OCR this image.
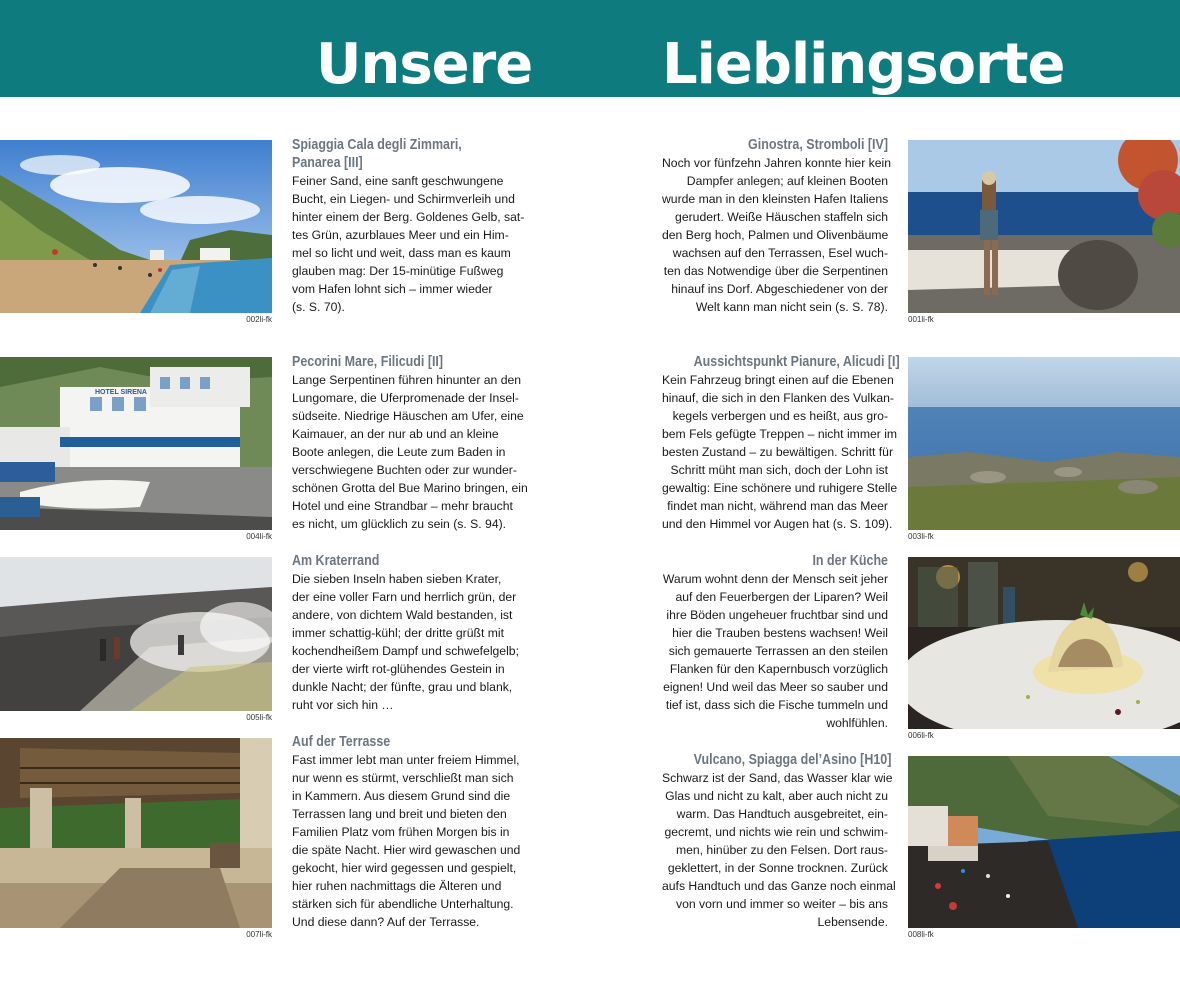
Unsere Lieblingsorte
002li-fk
HOTEL SIRENA
004li-fk
005li-fk
007li-fk
Spiaggia Cala degli Zimmari,
Panarea [III]

Feiner Sand, eine sanft geschwungene
Bucht, ein Liegen- und Schirmverleih und
hinter einem der Berg. Goldenes Gelb, sat-
tes Grün, azurblaues Meer und ein Him-
mel so licht und weit, dass man es kaum
glauben mag: Der 15-minütige Fußweg
vom Hafen lohnt sich – immer wieder
(s. S. 70).

Pecorini Mare, Filicudi [II]

Lange Serpentinen führen hinunter an den
Lungomare, die Uferpromenade der Insel-
südseite. Niedrige Häuschen am Ufer, eine
Kaimauer, an der nur ab und an kleine
Boote anlegen, die Leute zum Baden in
verschwiegene Buchten oder zur wunder-
schönen Grotta del Bue Marino bringen, ein
Hotel und eine Strandbar – mehr braucht
es nicht, um glücklich zu sein (s. S. 94).

Am Kraterrand

Die sieben Inseln haben sieben Krater,
der eine voller Farn und herrlich grün, der
andere, von dichtem Wald bestanden, ist
immer schattig-kühl; der dritte grüßt mit
kochendheißem Dampf und schwefelgelb;
der vierte wirft rot-glühendes Gestein in
dunkle Nacht; der fünfte, grau und blank,
ruht vor sich hin …

Auf der Terrasse

Fast immer lebt man unter freiem Himmel,
nur wenn es stürmt, verschließt man sich
in Kammern. Aus diesem Grund sind die
Terrassen lang und breit und bieten den
Familien Platz vom frühen Morgen bis in
die späte Nacht. Hier wird gewaschen und
gekocht, hier wird gegessen und gespielt,
hier ruhen nachmittags die Älteren und
stärken sich für abendliche Unterhaltung.
Und diese dann? Auf der Terrasse.

Ginostra, Stromboli [IV]

Noch vor fünfzehn Jahren konnte hier kein
Dampfer anlegen; auf kleinen Booten
wurde man in den kleinsten Hafen Italiens
gerudert. Weiße Häuschen staffeln sich
den Berg hoch, Palmen und Olivenbäume
wachsen auf den Terrassen, Esel wuch-
ten das Notwendige über die Serpentinen
hinauf ins Dorf. Abgeschiedener von der
Welt kann man nicht sein (s. S. 78).

Aussichtspunkt Pianure, Alicudi [I]

Kein Fahrzeug bringt einen auf die Ebenen
hinauf, die sich in den Flanken des Vulkan-
kegels verbergen und es heißt, aus gro-
bem Fels gefügte Treppen – nicht immer im
besten Zustand – zu bewältigen. Schritt für
Schritt müht man sich, doch der Lohn ist
gewaltig: Eine schönere und ruhigere Stelle
findet man nicht, während man das Meer
und den Himmel vor Augen hat (s. S. 109).

In der Küche

Warum wohnt denn der Mensch seit jeher
auf den Feuerbergen der Liparen? Weil
ihre Böden ungeheuer fruchtbar sind und
hier die Trauben bestens wachsen! Weil
sich gemauerte Terrassen an den steilen
Flanken für den Kapernbusch vorzüglich
eignen! Und weil das Meer so sauber und
tief ist, dass sich die Fische tummeln und
wohlfühlen.

Vulcano, Spiagga del’Asino [H10]

Schwarz ist der Sand, das Wasser klar wie
Glas und nicht zu kalt, aber auch nicht zu
warm. Das Handtuch ausgebreitet, ein-
gecremt, und nichts wie rein und schwim-
men, hinüber zu den Felsen. Dort raus-
geklettert, in der Sonne trocknen. Zurück
aufs Handtuch und das Ganze noch einmal
von vorn und immer so weiter – bis ans
Lebensende.

001li-fk
003li-fk
006li-fk
008li-fk
